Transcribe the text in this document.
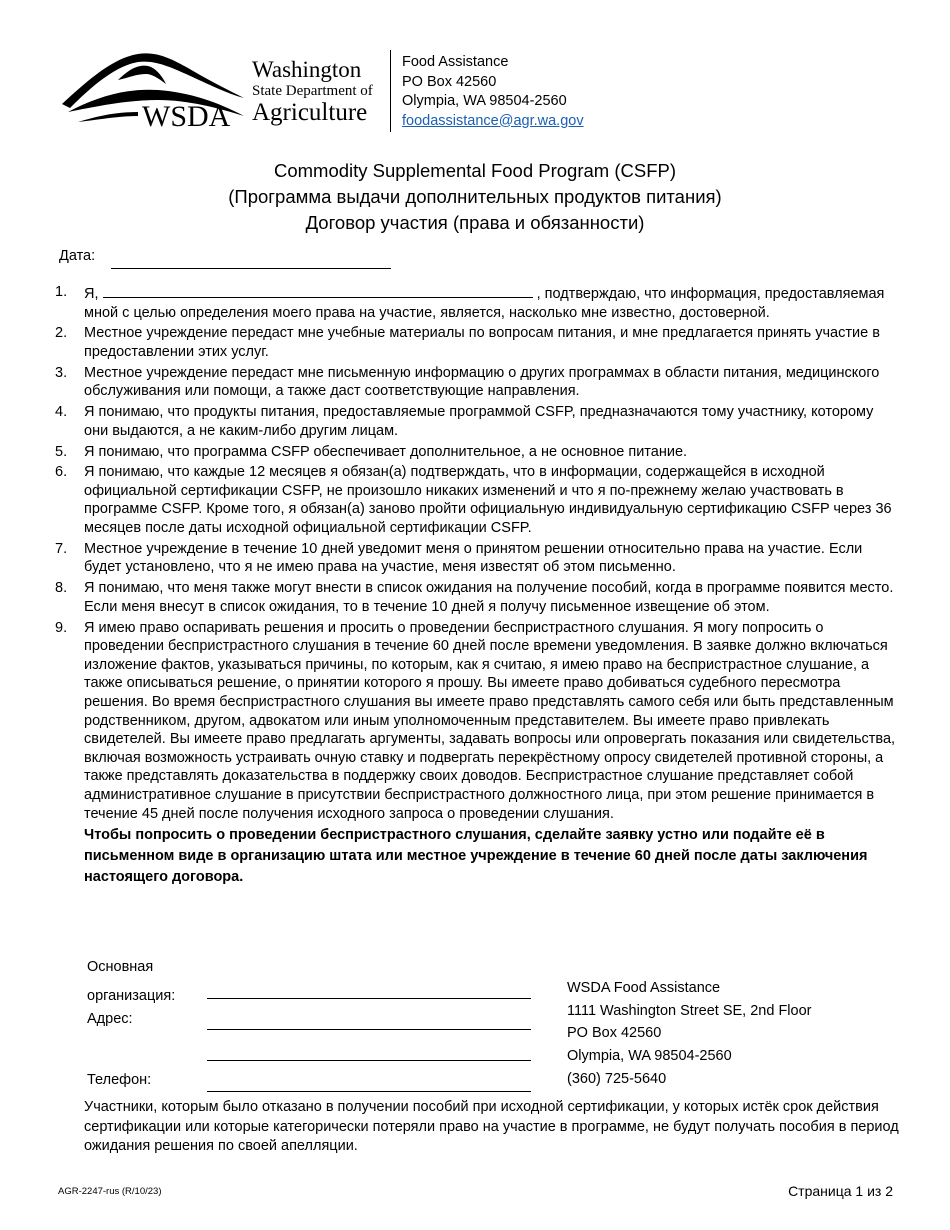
WSDA
Washington
State Department of
Agriculture
Food Assistance
PO Box 42560
Olympia, WA 98504-2560
foodassistance@agr.wa.gov
Commodity Supplemental Food Program (CSFP)
(Программа выдачи дополнительных продуктов питания)
Договор участия (права и обязанности)
Дата:
1.	Я,	, подтверждаю, что информация, предоставляемая мной с целью определения моего права на участие, является, насколько мне известно, достоверной.
2.	Местное учреждение передаст мне учебные материалы по вопросам питания, и мне предлагается принять участие в предоставлении этих услуг.
3.	Местное учреждение передаст мне письменную информацию о других программах в области питания, медицинского обслуживания или помощи, а также даст соответствующие направления.
4.	Я понимаю, что продукты питания, предоставляемые программой CSFP, предназначаются тому участнику, которому они выдаются, а не каким-либо другим лицам.
5.	Я понимаю, что программа CSFP обеспечивает дополнительное, а не основное питание.
6.	Я понимаю, что каждые 12 месяцев я обязан(а) подтверждать, что в информации, содержащейся в исходной официальной сертификации CSFP, не произошло никаких изменений и что я по-прежнему желаю участвовать в программе CSFP. Кроме того, я обязан(а) заново пройти официальную индивидуальную сертификацию CSFP через 36 месяцев после даты исходной официальной сертификации CSFP.
7.	Местное учреждение в течение 10 дней уведомит меня о принятом решении относительно права на участие. Если будет установлено, что я не имею права на участие, меня известят об этом письменно.
8.	Я понимаю, что меня также могут внести в список ожидания на получение пособий, когда в программе появится место. Если меня внесут в список ожидания, то в течение 10 дней я получу письменное извещение об этом.
9.	Я имею право оспаривать решения и просить о проведении беспристрастного слушания. Я могу попросить о проведении беспристрастного слушания в течение 60 дней после времени уведомления. В заявке должно включаться изложение фактов, указываться причины, по которым, как я считаю, я имею право на беспристрастное слушание, а также описываться решение, о принятии которого я прошу. Вы имеете право добиваться судебного пересмотра решения. Во время беспристрастного слушания вы имеете право представлять самого себя или быть представленным родственником, другом, адвокатом или иным уполномоченным представителем. Вы имеете право привлекать свидетелей. Вы имеете право предлагать аргументы, задавать вопросы или опровергать показания или свидетельства, включая возможность устраивать очную ставку и подвергать перекрёстному опросу свидетелей противной стороны, а также представлять доказательства в поддержку своих доводов. Беспристрастное слушание представляет собой административное слушание в присутствии беспристрастного должностного лица, при этом решение принимается в течение 45 дней после получения исходного запроса о проведении слушания.
Чтобы попросить о проведении беспристрастного слушания, сделайте заявку устно или подайте её в письменном виде в организацию штата или местное учреждение в течение 60 дней после даты заключения настоящего договора.
Основная
организация:
Адрес:
Телефон:
WSDA Food Assistance
1111 Washington Street SE, 2nd Floor
PO Box 42560
Olympia, WA 98504-2560
(360) 725-5640
Участники, которым было отказано в получении пособий при исходной сертификации, у которых истёк срок действия сертификации или которые категорически потеряли право на участие в программе, не будут получать пособия в период ожидания решения по своей апелляции.
AGR-2247-rus (R/10/23)	Страница 1 из 2
